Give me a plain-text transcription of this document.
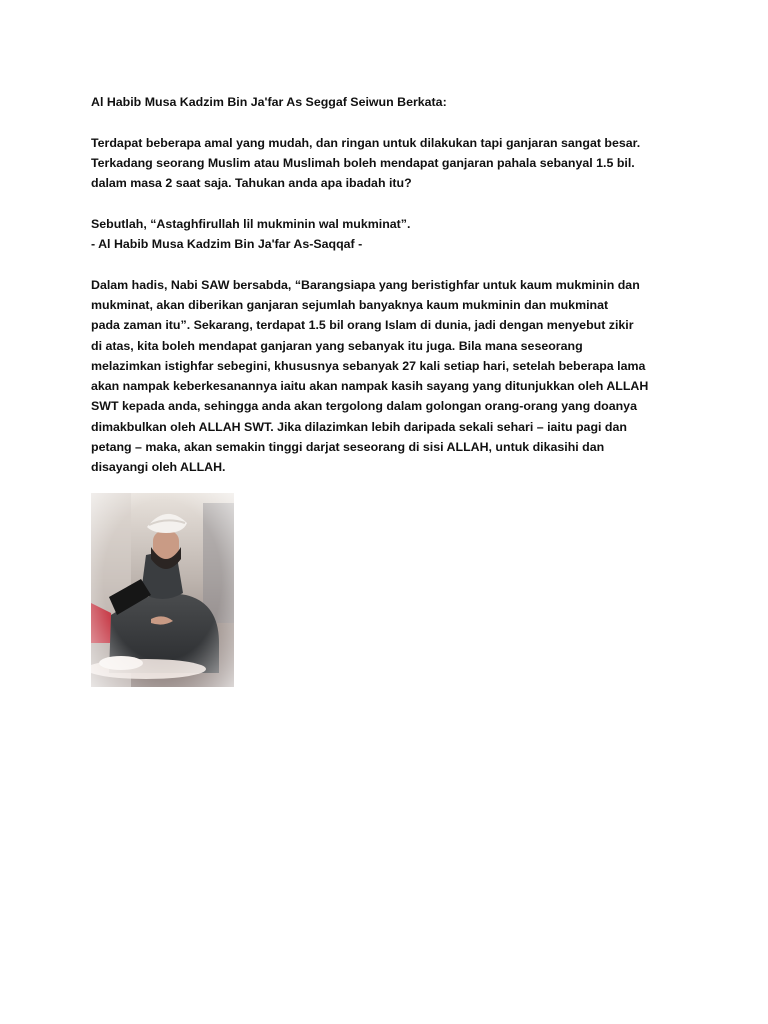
Al Habib Musa Kadzim Bin Ja'far As Seggaf Seiwun Berkata:

Terdapat beberapa amal yang mudah, dan ringan untuk dilakukan tapi ganjaran sangat besar.
Terkadang seorang Muslim atau Muslimah boleh mendapat ganjaran pahala sebanyal 1.5 bil.
dalam masa 2 saat saja. Tahukan anda apa ibadah itu?

Sebutlah, “Astaghfirullah lil mukminin wal mukminat”.
- Al Habib Musa Kadzim Bin Ja'far As-Saqqaf -

Dalam hadis, Nabi SAW bersabda, “Barangsiapa yang beristighfar untuk kaum mukminin dan
mukminat, akan diberikan ganjaran sejumlah banyaknya kaum mukminin dan mukminat
pada zaman itu”. Sekarang, terdapat 1.5 bil orang Islam di dunia, jadi dengan menyebut zikir
di atas, kita boleh mendapat ganjaran yang sebanyak itu juga. Bila mana seseorang
melazimkan istighfar sebegini, khususnya sebanyak 27 kali setiap hari, setelah beberapa lama
akan nampak keberkesanannya iaitu akan nampak kasih sayang yang ditunjukkan oleh ALLAH
SWT kepada anda, sehingga anda akan tergolong dalam golongan orang-orang yang doanya
dimakbulkan oleh ALLAH SWT. Jika dilazimkan lebih daripada sekali sehari – iaitu pagi dan
petang – maka, akan semakin tinggi darjat seseorang di sisi ALLAH, untuk dikasihi dan
disayangi oleh ALLAH.
